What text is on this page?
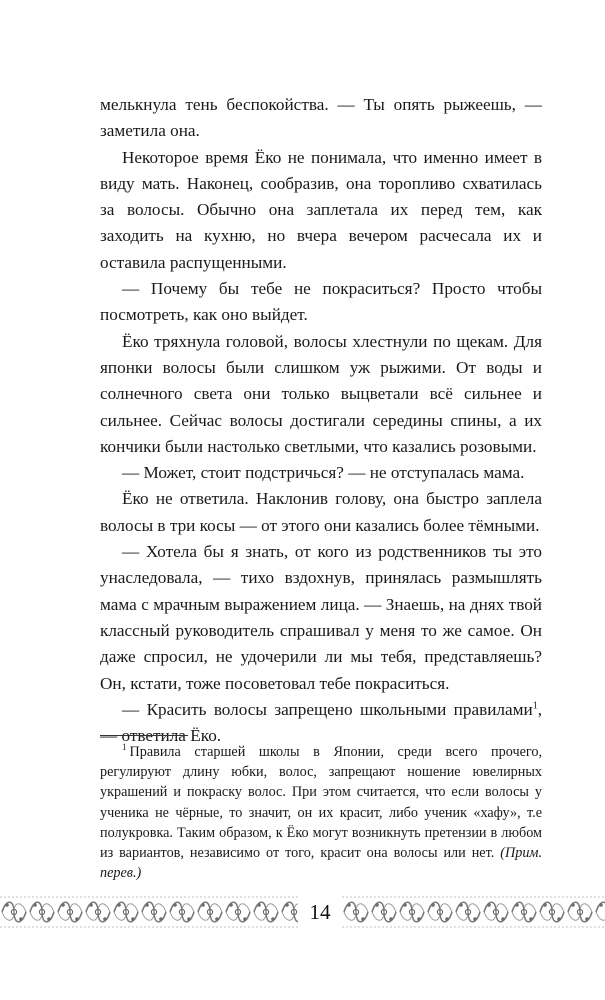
мелькнула тень беспокойства. — Ты опять рыжеешь, — заметила она.

Некоторое время Ёко не понимала, что именно имеет в виду мать. Наконец, сообразив, она торопливо схватилась за волосы. Обычно она заплетала их перед тем, как заходить на кухню, но вчера вечером расчесала их и оставила распущенными.

— Почему бы тебе не покраситься? Просто чтобы посмотреть, как оно выйдет.

Ёко тряхнула головой, волосы хлестнули по щекам. Для японки волосы были слишком уж рыжими. От воды и солнечного света они только выцветали всё сильнее и сильнее. Сейчас волосы достигали середины спины, а их кончики были настолько светлыми, что казались розовыми.

— Может, стоит подстричься? — не отступалась мама.

Ёко не ответила. Наклонив голову, она быстро заплела волосы в три косы — от этого они казались более тёмными.

— Хотела бы я знать, от кого из родственников ты это унаследовала, — тихо вздохнув, принялась размышлять мама с мрачным выражением лица. — Знаешь, на днях твой классный руководитель спрашивал у меня то же самое. Он даже спросил, не удочерили ли мы тебя, представляешь? Он, кстати, тоже посоветовал тебе покраситься.

— Красить волосы запрещено школьными правилами$^1$, — ответила Ёко.

$^1$ Правила старшей школы в Японии, среди всего прочего, регулируют длину юбки, волос, запрещают ношение ювелирных украшений и покраску волос. При этом считается, что если волосы у ученика не чёрные, то значит, он их красит, либо ученик «хафу», т.е полукровка. Таким образом, к Ёко могут возникнуть претензии в любом из вариантов, независимо от того, красит она волосы или нет. (Прим. перев.)
14
